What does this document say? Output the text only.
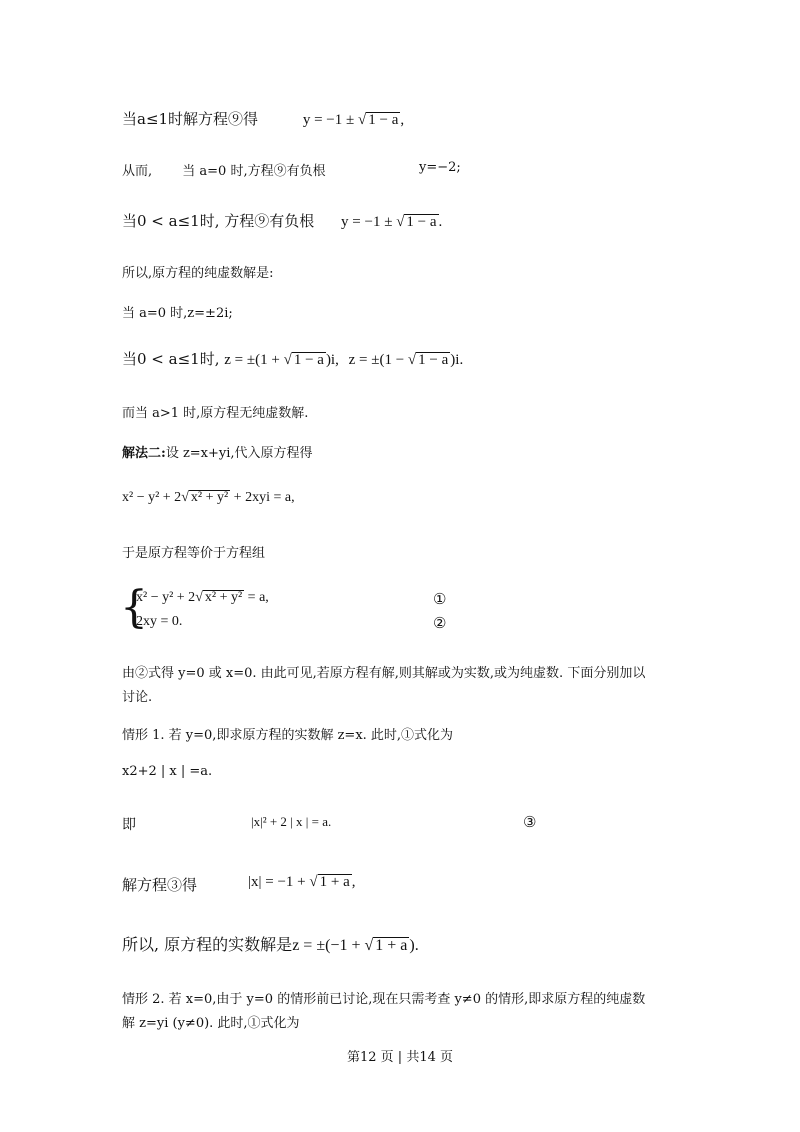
当a≤1时解方程⑨得	y = −1 ± √ 1 − a ,
从而, 当 a=0 时,方程⑨有负根	y=−2;
当0 < a≤1时, 方程⑨有负根 y = −1 ± √ 1 − a .
所以,原方程的纯虚数解是:
当 a=0 时,z=±2i;
当0 < a≤1时, z = ±(1 + √ 1 − a )i, z = ±(1 − √ 1 − a )i.
而当 a>1 时,原方程无纯虚数解.
解法二:设 z=x+yi,代入原方程得
x² − y² + 2√ x² + y² + 2xyi = a,
于是原方程等价于方程组
{
x² − y² + 2√ x² + y² = a,	①
2xy = 0.	②
由②式得 y=0 或 x=0. 由此可见,若原方程有解,则其解或为实数,或为纯虚数. 下面分别加以
讨论.
情形 1. 若 y=0,即求原方程的实数解 z=x. 此时,①式化为
x2+2 | x | =a.
即	|x|² + 2 | x | = a.	③
解方程③得	|x| = −1 + √ 1 + a ,
所以, 原方程的实数解是z = ±(−1 + √ 1 + a ).
情形 2. 若 x=0,由于 y=0 的情形前已讨论,现在只需考查 y≠0 的情形,即求原方程的纯虚数
解 z=yi (y≠0). 此时,①式化为
第12 页 | 共14 页
